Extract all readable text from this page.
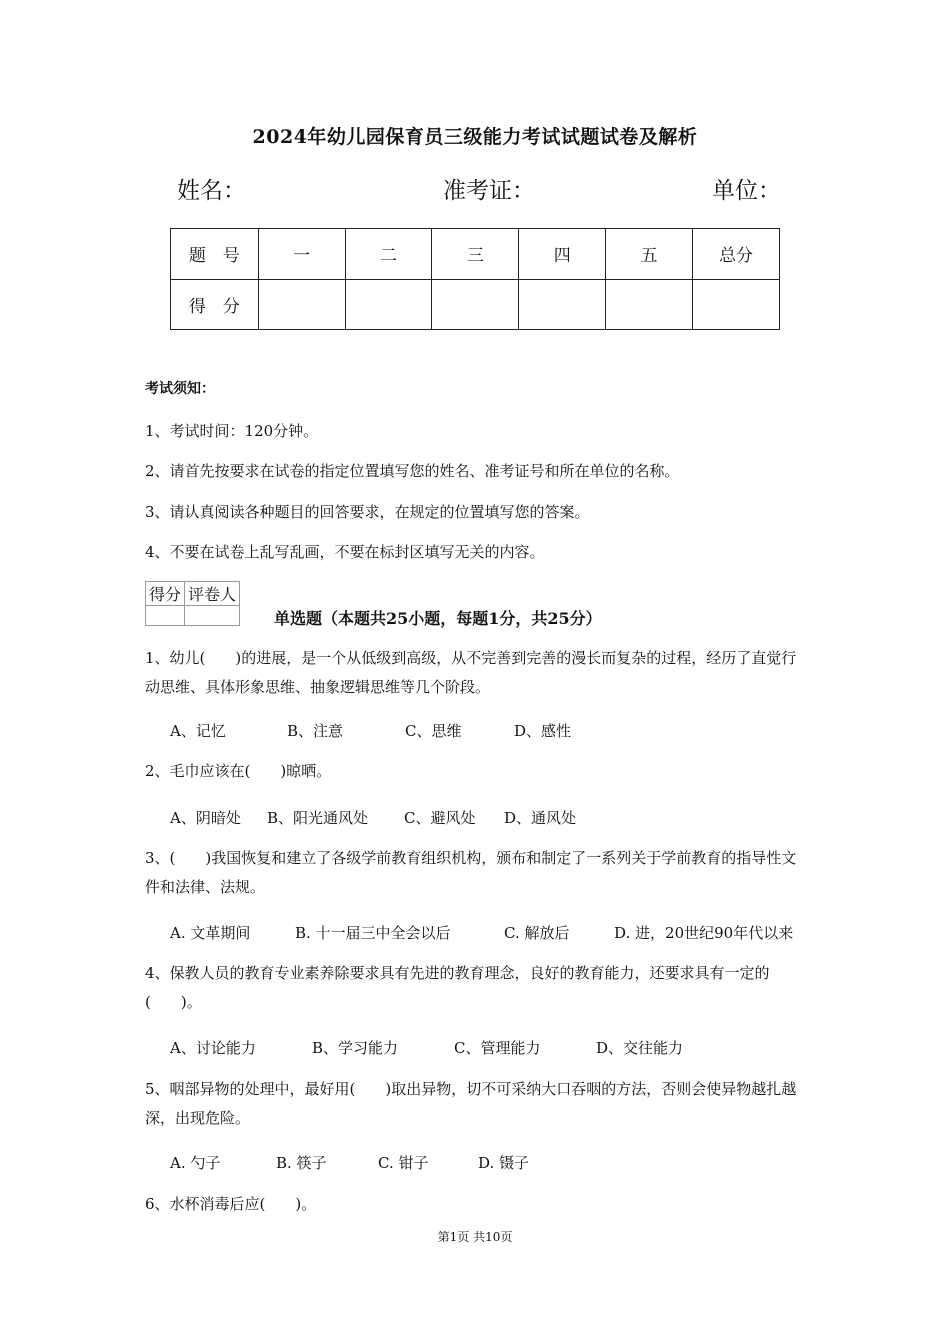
2024年幼儿园保育员三级能力考试试题试卷及解析
姓名：	准考证：	单位：
题　号	一	二	三	四	五	总分
得　分						
考试须知：
1、考试时间：120分钟。
2、请首先按要求在试卷的指定位置填写您的姓名、准考证号和所在单位的名称。
3、请认真阅读各种题目的回答要求，在规定的位置填写您的答案。
4、不要在试卷上乱写乱画，不要在标封区填写无关的内容。
得分	评卷人

单选题（本题共25小题，每题1分，共25分）
1、幼儿(　　)的进展，是一个从低级到高级，从不完善到完善的漫长而复杂的过程，经历了直觉行动思维、具体形象思维、抽象逻辑思维等几个阶段。
A、记忆	B、注意	C、思维	D、感性
2、毛巾应该在(　　)晾晒。
A、阴暗处 B、阳光通风处 C、避风处 D、通风处
3、(　　)我国恢复和建立了各级学前教育组织机构，颁布和制定了一系列关于学前教育的指导性文件和法律、法规。
A. 文革期间	B. 十一届三中全会以后	C. 解放后	D. 进，20世纪90年代以来
4、保教人员的教育专业素养除要求具有先进的教育理念，良好的教育能力，还要求具有一定的(　　)。
A、讨论能力	B、学习能力	C、管理能力	D、交往能力
5、咽部异物的处理中，最好用(　　)取出异物，切不可采纳大口吞咽的方法，否则会使异物越扎越深，出现危险。
A. 勺子	B. 筷子	C. 钳子	D. 镊子
6、水杯消毒后应(　　)。
第1页 共10页
